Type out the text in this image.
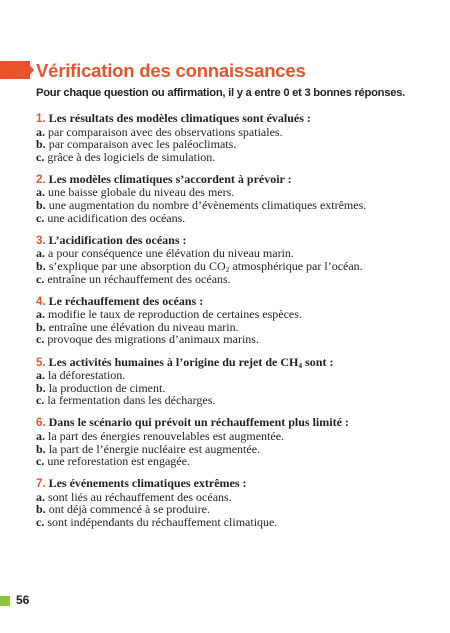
Vérification des connaissances

Pour chaque question ou affirmation, il y a entre 0 et 3 bonnes réponses.

1. Les résultats des modèles climatiques sont évalués :
a. par comparaison avec des observations spatiales.
b. par comparaison avec les paléoclimats.
c. grâce à des logiciels de simulation.
2. Les modèles climatiques s’accordent à prévoir :
a. une baisse globale du niveau des mers.
b. une augmentation du nombre d’évènements climatiques extrêmes.
c. une acidification des océans.
3. L’acidification des océans :
a. a pour conséquence une élévation du niveau marin.
b. s’explique par une absorption du $CO_2$ atmosphérique par l’océan.
c. entraîne un réchauffement des océans.
4. Le réchauffement des océans :
a. modifie le taux de reproduction de certaines espèces.
b. entraîne une élévation du niveau marin.
c. provoque des migrations d’animaux marins.
5. Les activités humaines à l’origine du rejet de $CH_4$ sont :
a. la déforestation.
b. la production de ciment.
c. la fermentation dans les décharges.
6. Dans le scénario qui prévoit un réchauffement plus limité :
a. la part des énergies renouvelables est augmentée.
b. la part de l’énergie nucléaire est augmentée.
c. une reforestation est engagée.
7. Les événements climatiques extrêmes :
a. sont liés au réchauffement des océans.
b. ont déjà commencé à se produire.
c. sont indépendants du réchauffement climatique.
56
